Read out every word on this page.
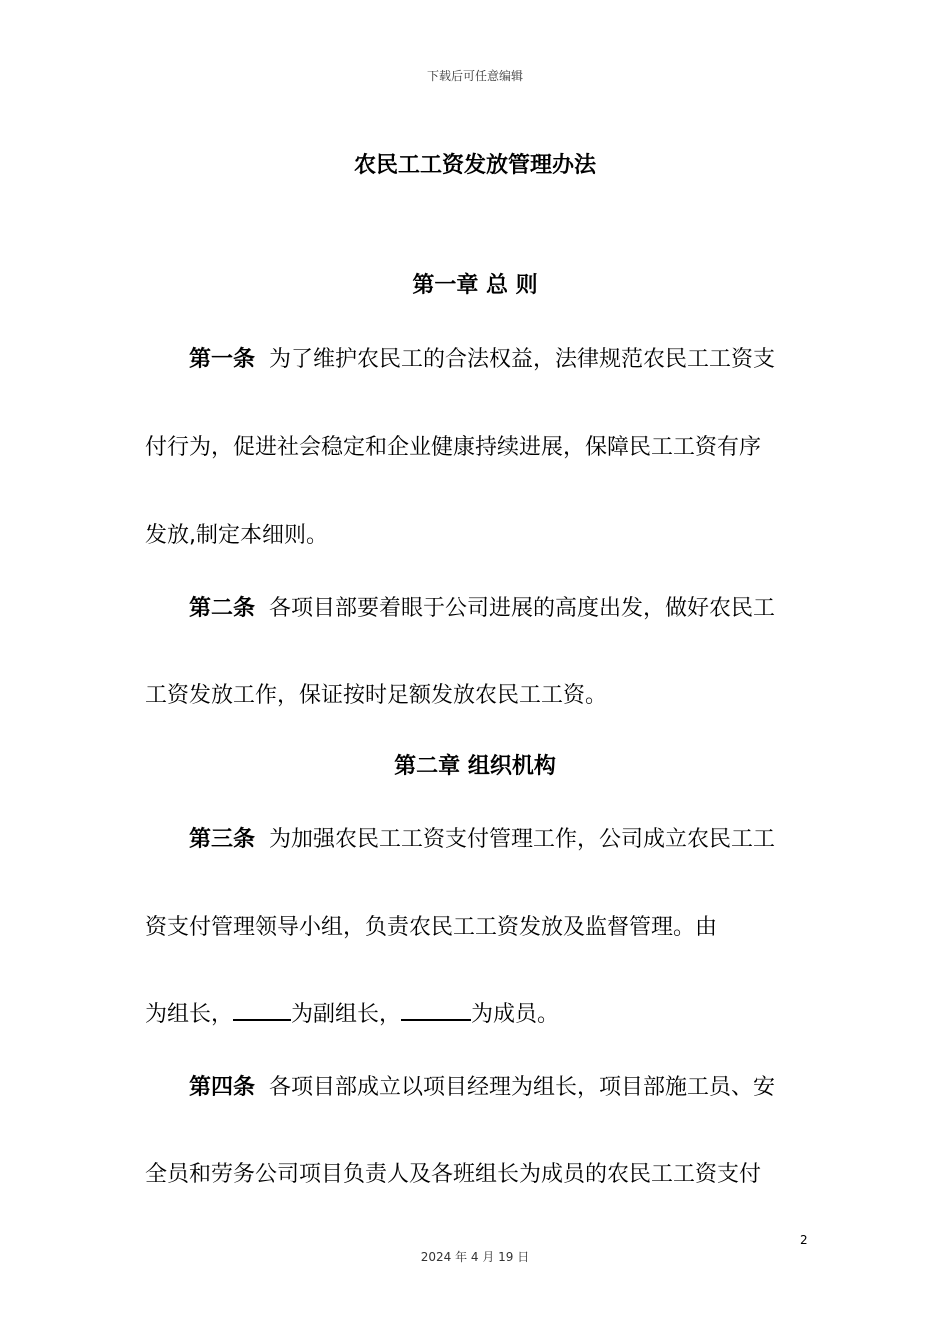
下载后可任意编辑
农民工工资发放管理办法
第一章 总 则
第一条 为了维护农民工的合法权益，法律规范农民工工资支
付行为，促进社会稳定和企业健康持续进展，保障民工工资有序
发放,制定本细则。
第二条 各项目部要着眼于公司进展的高度出发，做好农民工
工资发放工作，保证按时足额发放农民工工资。
第二章 组织机构
第三条 为加强农民工工资支付管理工作，公司成立农民工工
资支付管理领导小组，负责农民工工资发放及监督管理。由
为组长，	为副组长，	为成员。
第四条 各项目部成立以项目经理为组长，项目部施工员、安
全员和劳务公司项目负责人及各班组长为成员的农民工工资支付
2
2024 年 4 月 19 日
